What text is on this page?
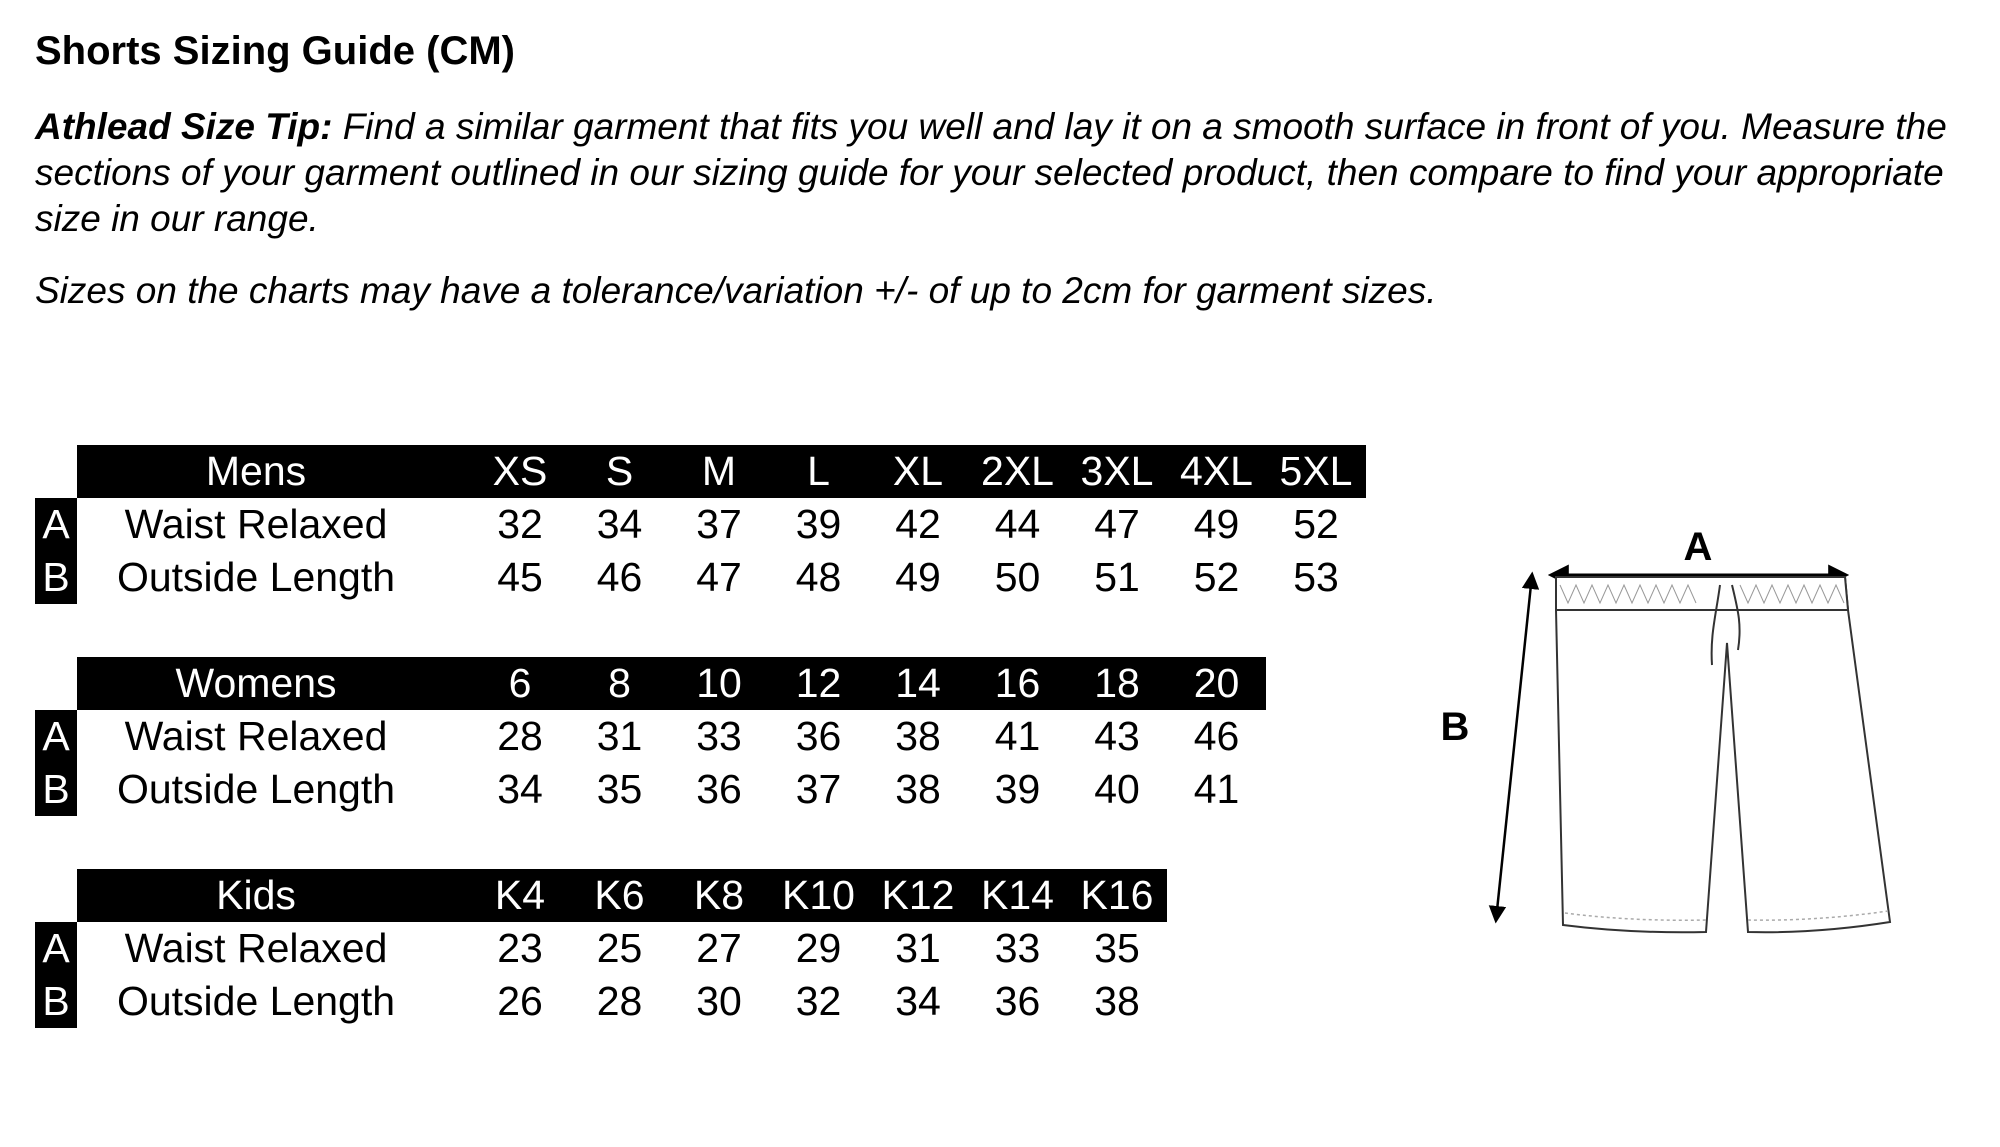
Shorts Sizing Guide (CM)
Athlead Size Tip: Find a similar garment that fits you well and lay it on a smooth surface in front of you. Measure the sections of your garment outlined in our sizing guide for your selected product, then compare to find your appropriate size in our range.
Sizes on the charts may have a tolerance/variation +/- of up to 2cm for garment sizes.
Mens	XS	S	M	L	XL 2XL 3XL 4XL 5XL
A	Waist Relaxed	32	34	37	39	42	44	47	49	52
B	Outside Length	45	46	47	48	49	50	51	52	53
Womens	6	8	10	12	14	16	18	20
A	Waist Relaxed	28	31	33	36	38	41	43	46
B	Outside Length	34	35	36	37	38	39	40	41
Kids	K4	K6	K8 K10 K12 K14 K16
A	Waist Relaxed	23	25	27	29	31	33	35
B	Outside Length	26	28	30	32	34	36	38
A
B
